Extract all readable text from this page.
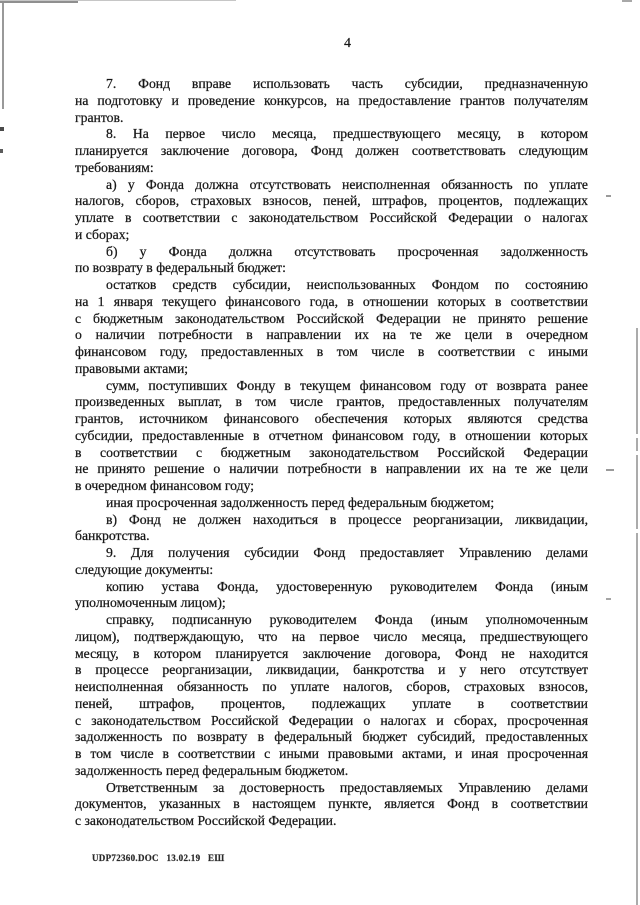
4
7. Фонд вправе использовать часть субсидии, предназначенную
на подготовку и проведение конкурсов, на предоставление грантов получателям
грантов.
8. На первое число месяца, предшествующего месяцу, в котором
планируется заключение договора, Фонд должен соответствовать следующим
требованиям:
а) у Фонда должна отсутствовать неисполненная обязанность по уплате
налогов, сборов, страховых взносов, пеней, штрафов, процентов, подлежащих
уплате в соответствии с законодательством Российской Федерации о налогах
и сборах;
б) у Фонда должна отсутствовать просроченная задолженность
по возврату в федеральный бюджет:
остатков средств субсидии, неиспользованных Фондом по состоянию
на 1 января текущего финансового года, в отношении которых в соответствии
с бюджетным законодательством Российской Федерации не принято решение
о наличии потребности в направлении их на те же цели в очередном
финансовом году, предоставленных в том числе в соответствии с иными
правовыми актами;
сумм, поступивших Фонду в текущем финансовом году от возврата ранее
произведенных выплат, в том числе грантов, предоставленных получателям
грантов, источником финансового обеспечения которых являются средства
субсидии, предоставленные в отчетном финансовом году, в отношении которых
в соответствии с бюджетным законодательством Российской Федерации
не принято решение о наличии потребности в направлении их на те же цели
в очередном финансовом году;
иная просроченная задолженность перед федеральным бюджетом;
в) Фонд не должен находиться в процессе реорганизации, ликвидации,
банкротства.
9. Для получения субсидии Фонд предоставляет Управлению делами
следующие документы:
копию устава Фонда, удостоверенную руководителем Фонда (иным
уполномоченным лицом);
справку, подписанную руководителем Фонда (иным уполномоченным
лицом), подтверждающую, что на первое число месяца, предшествующего
месяцу, в котором планируется заключение договора, Фонд не находится
в процессе реорганизации, ликвидации, банкротства и у него отсутствует
неисполненная обязанность по уплате налогов, сборов, страховых взносов,
пеней, штрафов, процентов, подлежащих уплате в соответствии
с законодательством Российской Федерации о налогах и сборах, просроченная
задолженность по возврату в федеральный бюджет субсидий, предоставленных
в том числе в соответствии с иными правовыми актами, и иная просроченная
задолженность перед федеральным бюджетом.
Ответственным за достоверность предоставляемых Управлению делами
документов, указанных в настоящем пункте, является Фонд в соответствии
с законодательством Российской Федерации.
UDP72360.DOC   13.02.19   ЕШ
